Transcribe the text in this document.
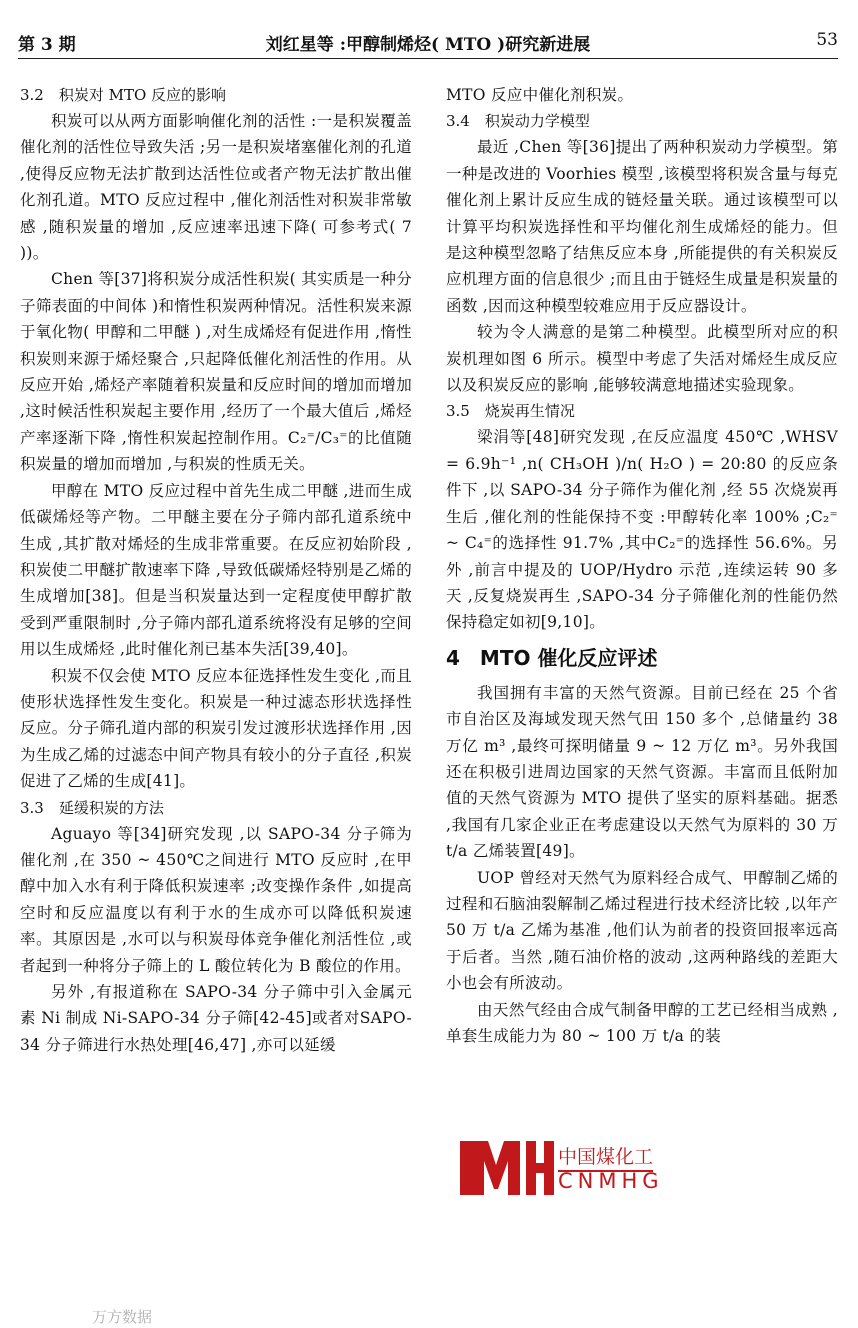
第 3 期	刘红星等 :甲醇制烯烃( MTO )研究新进展	53
3.2　积炭对 MTO 反应的影响

积炭可以从两方面影响催化剂的活性 :一是积炭覆盖催化剂的活性位导致失活 ;另一是积炭堵塞催化剂的孔道 ,使得反应物无法扩散到达活性位或者产物无法扩散出催化剂孔道。MTO 反应过程中 ,催化剂活性对积炭非常敏感 ,随积炭量的增加 ,反应速率迅速下降( 可参考式( 7 ))。

Chen 等[37]将积炭分成活性积炭( 其实质是一种分子筛表面的中间体 )和惰性积炭两种情况。活性积炭来源于氧化物( 甲醇和二甲醚 ) ,对生成烯烃有促进作用 ,惰性积炭则来源于烯烃聚合 ,只起降低催化剂活性的作用。从反应开始 ,烯烃产率随着积炭量和反应时间的增加而增加 ,这时候活性积炭起主要作用 ,经历了一个最大值后 ,烯烃产率逐渐下降 ,惰性积炭起控制作用。C₂⁼/C₃⁼的比值随积炭量的增加而增加 ,与积炭的性质无关。

甲醇在 MTO 反应过程中首先生成二甲醚 ,进而生成低碳烯烃等产物。二甲醚主要在分子筛内部孔道系统中生成 ,其扩散对烯烃的生成非常重要。在反应初始阶段 ,积炭使二甲醚扩散速率下降 ,导致低碳烯烃特别是乙烯的生成增加[38]。但是当积炭量达到一定程度使甲醇扩散受到严重限制时 ,分子筛内部孔道系统将没有足够的空间用以生成烯烃 ,此时催化剂已基本失活[39,40]。

积炭不仅会使 MTO 反应本征选择性发生变化 ,而且使形状选择性发生变化。积炭是一种过滤态形状选择性反应。分子筛孔道内部的积炭引发过渡形状选择作用 ,因为生成乙烯的过滤态中间产物具有较小的分子直径 ,积炭促进了乙烯的生成[41]。

3.3　延缓积炭的方法

Aguayo 等[34]研究发现 ,以 SAPO-34 分子筛为催化剂 ,在 350 ~ 450℃之间进行 MTO 反应时 ,在甲醇中加入水有利于降低积炭速率 ;改变操作条件 ,如提高空时和反应温度以有利于水的生成亦可以降低积炭速率。其原因是 ,水可以与积炭母体竞争催化剂活性位 ,或者起到一种将分子筛上的 L 酸位转化为 B 酸位的作用。

另外 ,有报道称在 SAPO-34 分子筛中引入金属元素 Ni 制成 Ni-SAPO-34 分子筛[42-45]或者对SAPO-34 分子筛进行水热处理[46,47] ,亦可以延缓

MTO 反应中催化剂积炭。

3.4　积炭动力学模型

最近 ,Chen 等[36]提出了两种积炭动力学模型。第一种是改进的 Voorhies 模型 ,该模型将积炭含量与每克催化剂上累计反应生成的链烃量关联。通过该模型可以计算平均积炭选择性和平均催化剂生成烯烃的能力。但是这种模型忽略了结焦反应本身 ,所能提供的有关积炭反应机理方面的信息很少 ;而且由于链烃生成量是积炭量的函数 ,因而这种模型较难应用于反应器设计。

较为令人满意的是第二种模型。此模型所对应的积炭机理如图 6 所示。模型中考虑了失活对烯烃生成反应以及积炭反应的影响 ,能够较满意地描述实验现象。

3.5　烧炭再生情况

梁涓等[48]研究发现 ,在反应温度 450℃ ,WHSV = 6.9h⁻¹ ,n( CH₃OH )/n( H₂O ) = 20:80 的反应条件下 ,以 SAPO-34 分子筛作为催化剂 ,经 55 次烧炭再生后 ,催化剂的性能保持不变 :甲醇转化率 100% ;C₂⁼ ~ C₄⁼的选择性 91.7% ,其中C₂⁼的选择性 56.6%。另外 ,前言中提及的 UOP/Hydro 示范 ,连续运转 90 多天 ,反复烧炭再生 ,SAPO-34 分子筛催化剂的性能仍然保持稳定如初[9,10]。

4　MTO 催化反应评述

我国拥有丰富的天然气资源。目前已经在 25 个省市自治区及海域发现天然气田 150 多个 ,总储量约 38 万亿 m³ ,最终可探明储量 9 ~ 12 万亿 m³。另外我国还在积极引进周边国家的天然气资源。丰富而且低附加值的天然气资源为 MTO 提供了坚实的原料基础。据悉 ,我国有几家企业正在考虑建设以天然气为原料的 30 万 t/a 乙烯装置[49]。

UOP 曾经对天然气为原料经合成气、甲醇制乙烯的过程和石脑油裂解制乙烯过程进行技术经济比较 ,以年产 50 万 t/a 乙烯为基准 ,他们认为前者的投资回报率远高于后者。当然 ,随石油价格的波动 ,这两种路线的差距大小也会有所波动。

由天然气经由合成气制备甲醇的工艺已经相当成熟 ,单套生成能力为 80 ~ 100 万 t/a 的装

中国煤化工
CNMHG
万方数据
